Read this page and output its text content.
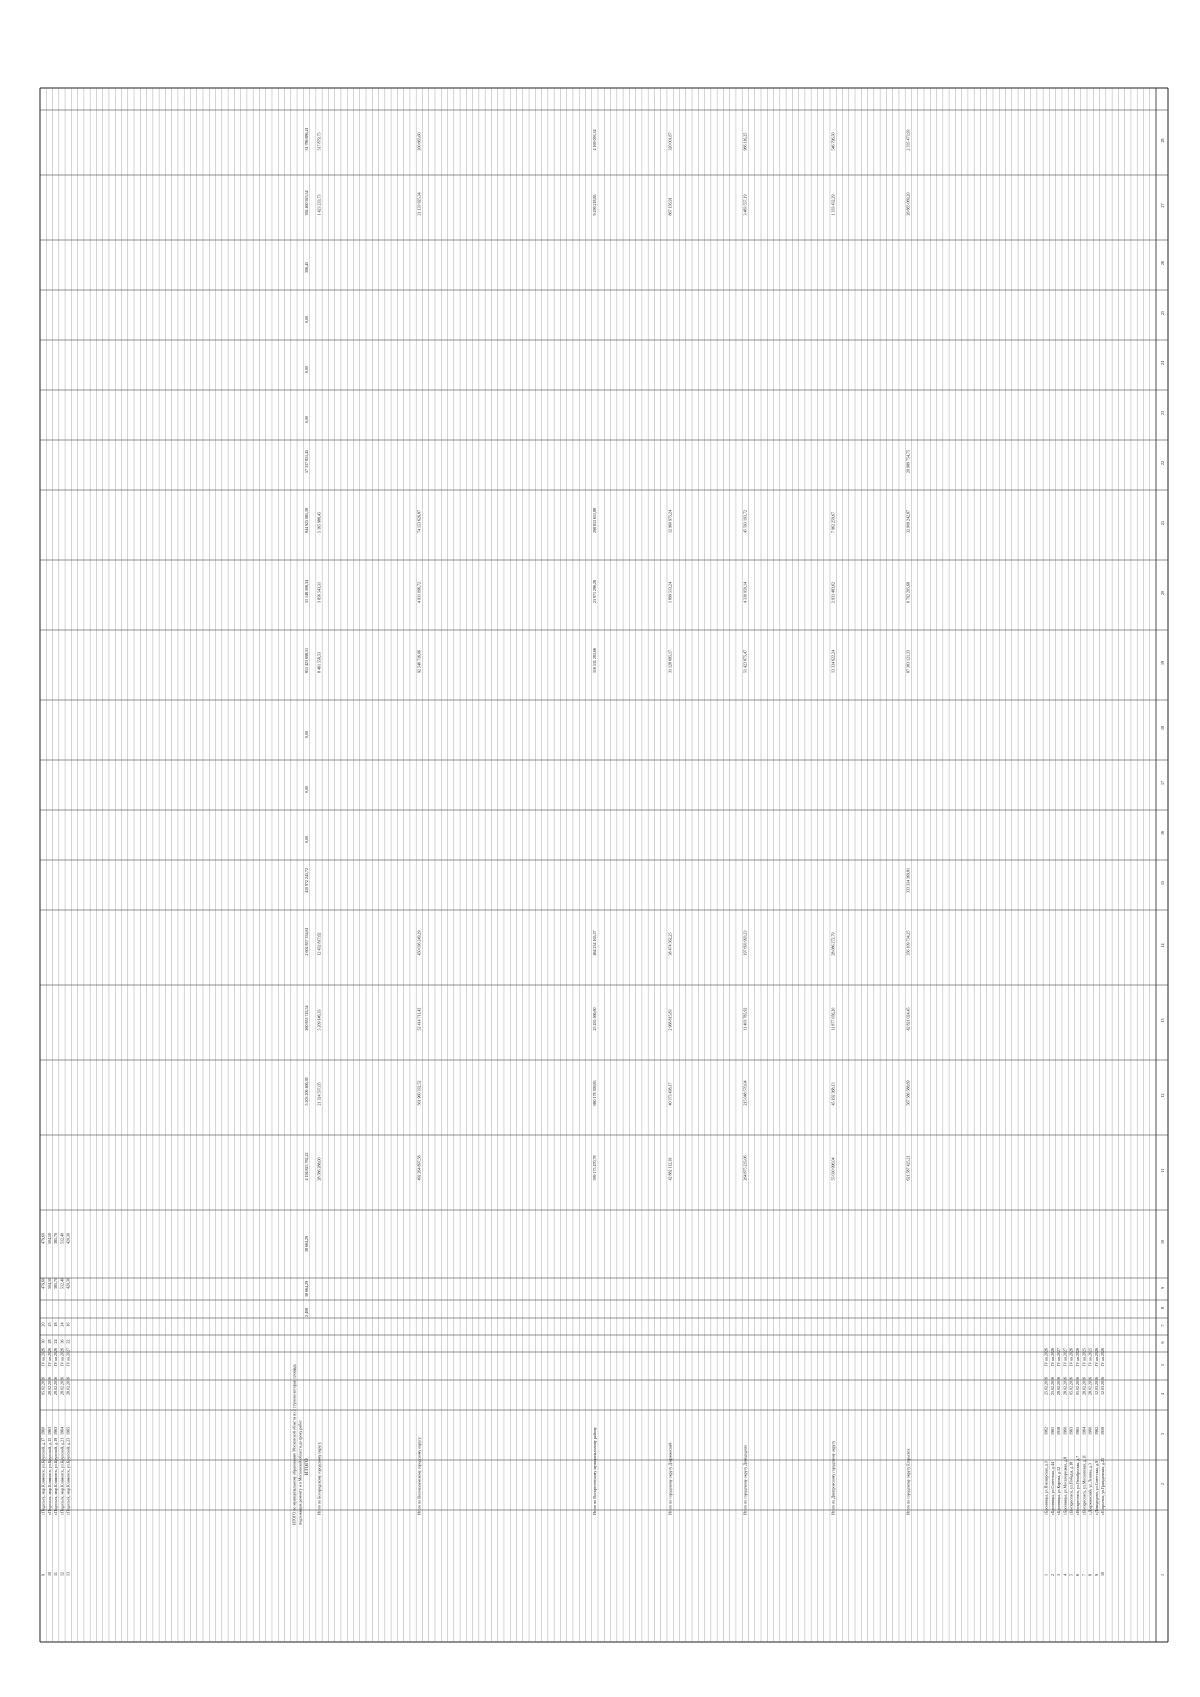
1
2
3
4
5
6
7
8
9
10
11
12
13
14
15
16
17
18
19
20
21
22
23
24
25
26
27
28
ИТОГО по муниципальному образованию Московской области из 2 ступени которые площадь подлежащих ремонту и в Московской области до сроку работ
9
г.Подольск, мкр.Климовск, ул.Крупской, д.17
1960
05.02.2016
IV кв.2026
30
20
479,60
479,60
10
г.Подольск, мкр.Климовск, ул.Крупской, д.15
1963
28.02.2016
IV кв.2026
28
25
504,50
504,50
11
г.Подольск, мкр.Климовск, ул.Крупской, д.19
1963
28.02.2016
IV кв.2026
24
18
385,70
385,70
12
г.Подольск, мкр.Климовск, ул.Крупской, д.21
1964
28.02.2016
IV кв.2026
36
24
512,40
512,40
13
г.Подольск, мкр.Климовск, ул.Крупской, д.23
1965
28.02.2016
IV кв.2027
22
16
420,30
420,30
ИТОГО
2 408
38 664,29
38 664,29
4 194 825 762,22
5 203 206 466,38
260 853 743,54
2 602 857 334,61
410 972 241,72
0,00
0,00
0,00
851 423 698,51
31 148 306,34
944 925 085,58
57 337 851,45
0,00
0,00
0,00
306,45
392 460 923,54
31 786 886,41
Итого по Богородскому городскому округу
28 586 288,00
21 324 537,05
5 209 146,33
12 432 817,62
8 461 558,53
3 856 543,31
5 165 986,45
1 423 233,73
517 879,75
Итого по Волоколамскому городскому округу
492 264 897,58
561 960 332,52
52 414 711,42
450 036 249,29
92 546 716,06
4 931 096,72
74 153 626,87
21 133 925,34
200 665,60
Итого по Воскресенскому муниципальному району
599 175 470,78
680 178 399,85
25 435 566,60
464 234 165,37
116 531 283,66
23 971 296,28
298 853 651,88
9 299 218,85
4 169 093,34
Итого по городскому округу Дзержинский
42 882 112,39
40 373 438,17
2 968 815,83
38 474 562,25
31 128 685,17
1 899 513,24
12 960 975,24
867 156,91
320 001,67
Итого по городскому округу Домодедово
264 875 235,06
215 048 570,04
11 403 785,92
197 693 993,23
51 423 875,47
4 330 950,14
45 593 193,72
3 483 557,19
966 116,25
Итого по Дмитровскому городскому округу
55 030 996,04
45 192 368,13
11 877 056,20
28 086 272,79
13 334 622,24
2 931 483,62
7 962 259,67
1 333 432,29
546 796,50
Итого по городскому округу Егорьевск
621 587 425,21
567 586 588,69
42 821 024,45
356 109 734,25
333 314 369,81
87 383 121,33
6 702 205,68
32 909 242,87
20 989 754,75
26 665 069,20
2 335 473,93
1
г.Бронницы, ул.Пионерская, д.3
1962
25.02.2016
IV кв.2026
2
г.Бронницы, ул.Советская, д.44
1961
25.02.2016
IV кв.2026
3
г.Бронницы, ул.Кирова, д.12
1958
28.02.2016
IV кв.2027
4
г.Бронницы, ул.Москворецкая, д.8
1960
28.02.2016
IV кв.2027
5
г.Воскресенск, ул.Победы, д.18
1963
05.02.2016
IV кв.2026
6
г.Воскресенск, ул.Октябрьская, д.7
1965
05.02.2016
IV кв.2026
7
г.Воскресенск, ул.Московская, д.11
1964
28.02.2016
IV кв.2025
8
г.Дзержинский, ул.Ленина, д.3
1960
28.02.2016
IV кв.2025
9
г.Домодедово, ул.Советская, д.9
1962
12.03.2016
IV кв.2026
10
г.Егорьевск, ул.Гражданская, д.21
1959
12.03.2016
IV кв.2026
